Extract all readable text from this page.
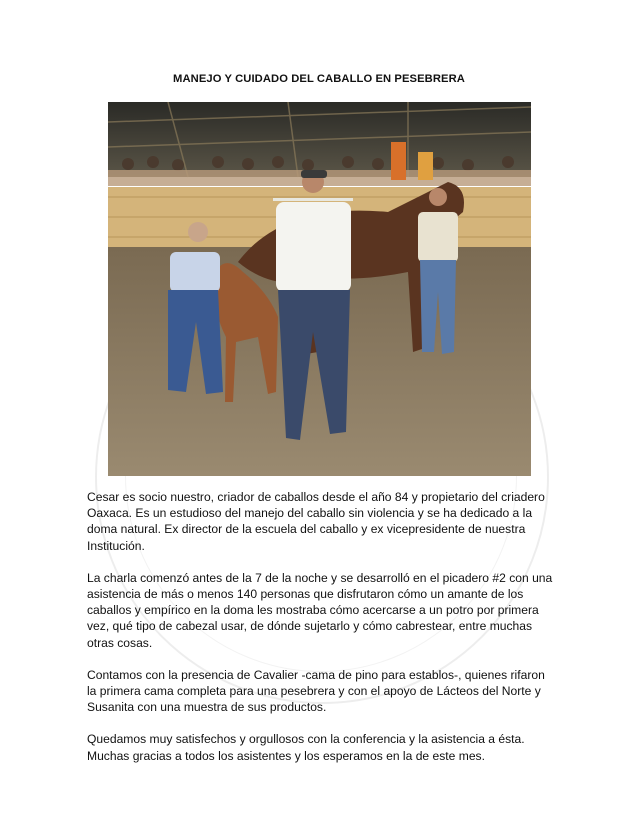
MANEJO Y CUIDADO DEL CABALLO EN PESEBRERA

Cesar es socio nuestro, criador de caballos desde el año 84 y propietario del criadero Oaxaca. Es un estudioso del manejo del caballo sin violencia y se ha dedicado a la doma natural. Ex director de la escuela del caballo y ex vicepresidente de nuestra Institución.

La charla comenzó antes de la 7 de la noche y se desarrolló en el picadero #2 con una asistencia de más o menos 140 personas que disfrutaron cómo un amante de los caballos y empírico en la doma les mostraba cómo acercarse a un potro por primera vez, qué tipo de cabezal usar, de dónde sujetarlo y cómo cabrestear, entre muchas otras cosas.

Contamos con la presencia de Cavalier -cama de pino para establos-, quienes rifaron la primera cama completa para una pesebrera y con el apoyo de Lácteos del Norte y Susanita con una muestra de sus productos.

Quedamos muy satisfechos y orgullosos con la conferencia y la asistencia a ésta. Muchas gracias a todos los asistentes y los esperamos en la de este mes.
